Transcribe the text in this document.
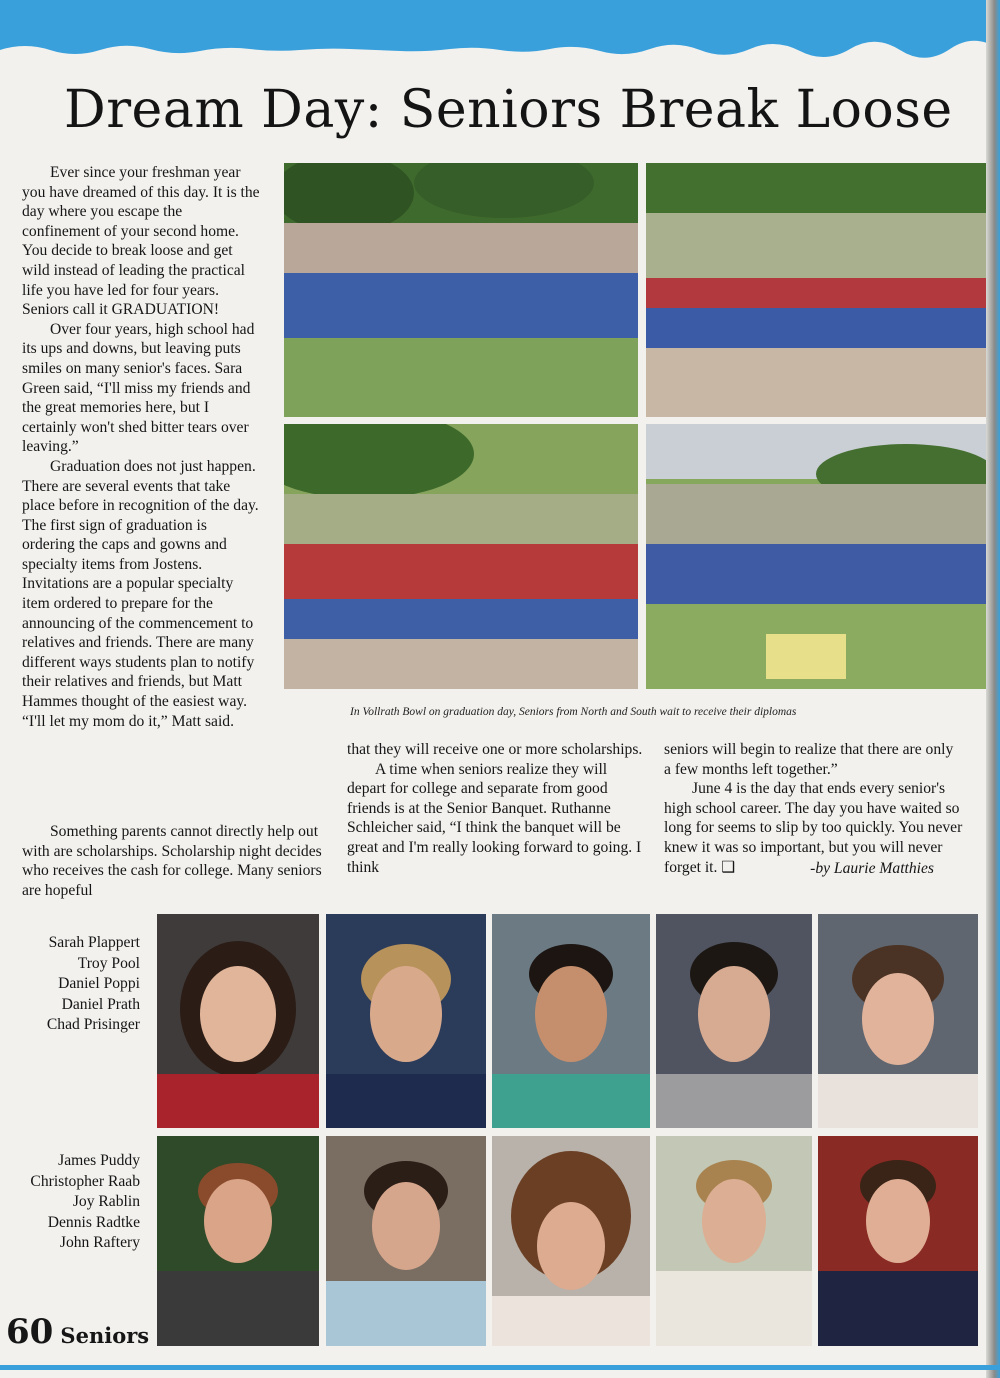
Dream Day: Seniors Break Loose

Ever since your freshman year you have dreamed of this day. It is the day where you escape the confinement of your second home. You decide to break loose and get wild instead of leading the practical life you have led for four years. Seniors call it GRADUATION!

Over four years, high school had its ups and downs, but leaving puts smiles on many senior's faces. Sara Green said, “I'll miss my friends and the great memories here, but I certainly won't shed bitter tears over leaving.”

Graduation does not just happen. There are several events that take place before in recognition of the day. The first sign of graduation is ordering the caps and gowns and specialty items from Jostens. Invitations are a popular specialty item ordered to prepare for the announcing of the commencement to relatives and friends. There are many different ways students plan to notify their relatives and friends, but Matt Hammes thought of the easiest way. “I'll let my mom do it,” Matt said.

Something parents cannot directly help out with are scholarships. Scholarship night decides who receives the cash for college. Many seniors are hopeful

In Vollrath Bowl on graduation day, Seniors from North and South wait to receive their diplomas

that they will receive one or more scholarships.

A time when seniors realize they will depart for college and separate from good friends is at the Senior Banquet. Ruthanne Schleicher said, “I think the banquet will be great and I'm really looking forward to going. I think

seniors will begin to realize that there are only a few months left together.”

June 4 is the day that ends every senior's high school career. The day you have waited so long for seems to slip by too quickly. You never knew it was so important, but you will never forget it. ❑	-by Laurie Matthies
Sarah Plappert
Troy Pool
Daniel Poppi
Daniel Prath
Chad Prisinger
James Puddy
Christopher Raab
Joy Rablin
Dennis Radtke
John Raftery
60 Seniors
